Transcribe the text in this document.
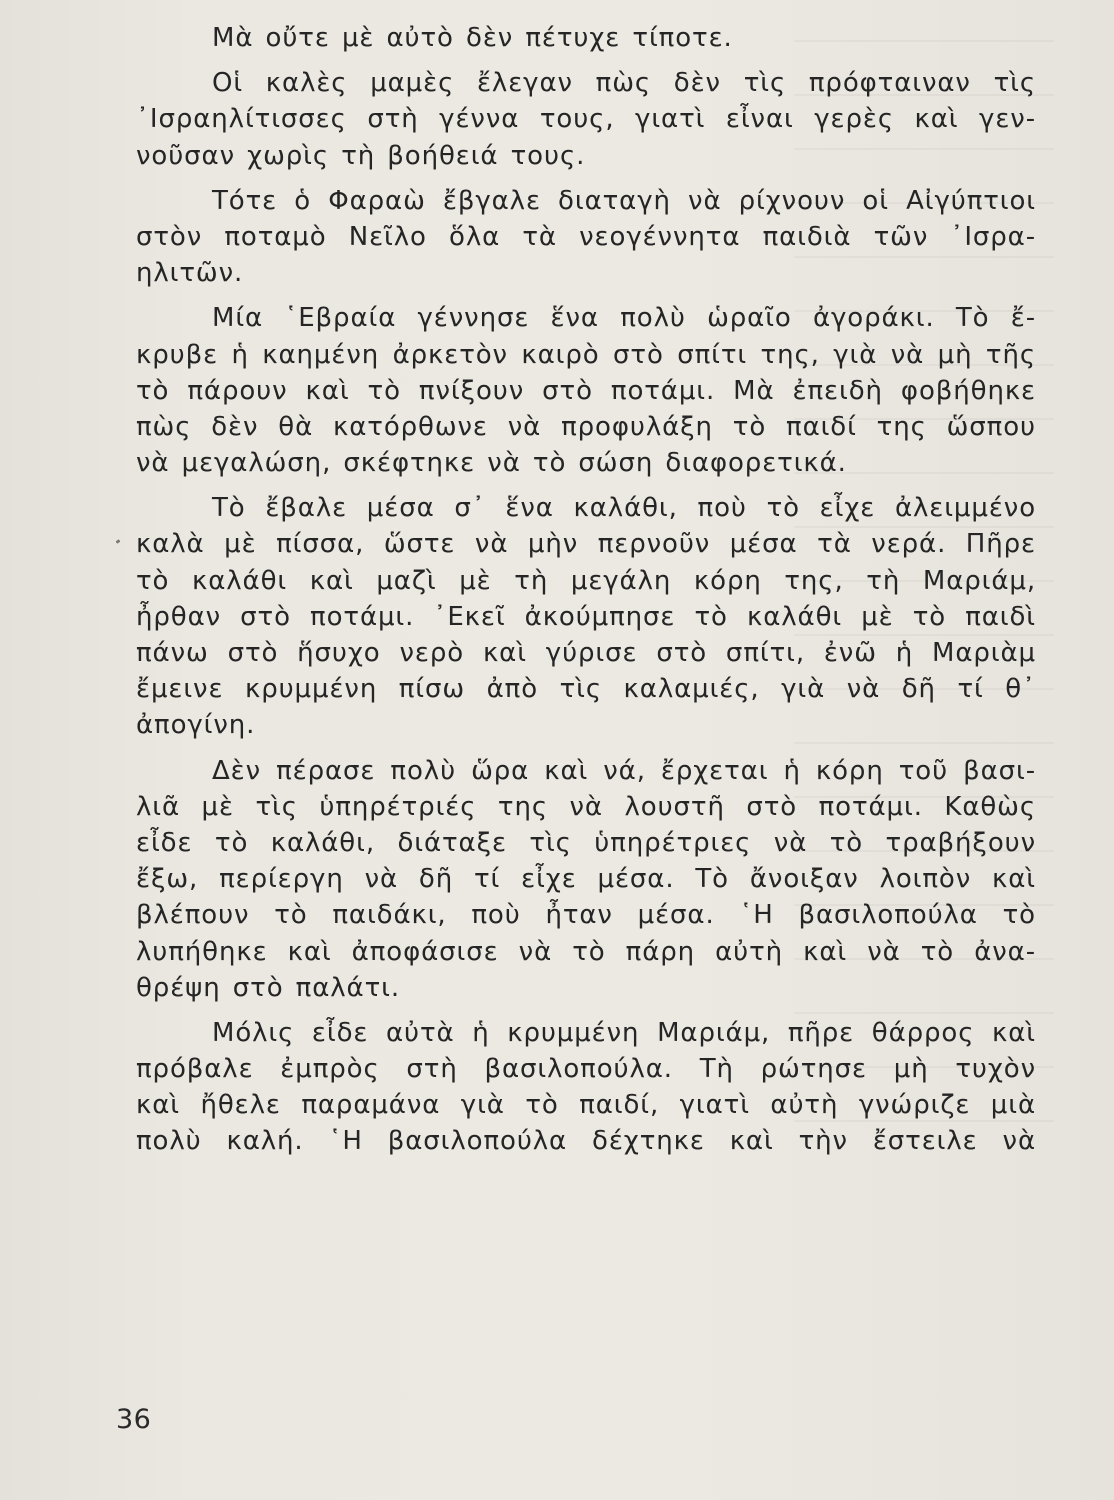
Μὰ οὔτε μὲ αὐτὸ δὲν πέτυχε τίποτε.
Οἱ καλὲς μαμὲς ἔλεγαν πὼς δὲν τὶς πρόφταιναν τὶς
᾿Ισραηλίτισσες στὴ γέννα τους, γιατὶ εἶναι γερὲς καὶ γεν-
νοῦσαν χωρὶς τὴ βοήθειά τους.
Τότε ὁ Φαραὼ ἔβγαλε διαταγὴ νὰ ρίχνουν οἱ Αἰγύπτιοι
στὸν ποταμὸ Νεῖλο ὅλα τὰ νεογέννητα παιδιὰ τῶν ᾿Ισρα-
ηλιτῶν.
Μία ῾Εβραία γέννησε ἕνα πολὺ ὡραῖο ἀγοράκι. Τὸ ἔ-
κρυβε ἡ καημένη ἀρκετὸν καιρὸ στὸ σπίτι της, γιὰ νὰ μὴ τῆς
τὸ πάρουν καὶ τὸ πνίξουν στὸ ποτάμι. Μὰ ἐπειδὴ φοβήθηκε
πὼς δὲν θὰ κατόρθωνε νὰ προφυλάξη τὸ παιδί της ὥσπου
νὰ μεγαλώση, σκέφτηκε νὰ τὸ σώση διαφορετικά.
Τὸ ἔβαλε μέσα σ᾿ ἕνα καλάθι, ποὺ τὸ εἶχε ἀλειμμένο
καλὰ μὲ πίσσα, ὥστε νὰ μὴν περνοῦν μέσα τὰ νερά. Πῆρε
τὸ καλάθι καὶ μαζὶ μὲ τὴ μεγάλη κόρη της, τὴ Μαριάμ,
ἦρθαν στὸ ποτάμι. ᾿Εκεῖ ἀκούμπησε τὸ καλάθι μὲ τὸ παιδὶ
πάνω στὸ ἥσυχο νερὸ καὶ γύρισε στὸ σπίτι, ἐνῶ ἡ Μαριὰμ
ἔμεινε κρυμμένη πίσω ἀπὸ τὶς καλαμιές, γιὰ νὰ δῆ τί θ᾿
ἀπογίνη.
Δὲν πέρασε πολὺ ὥρα καὶ νά, ἔρχεται ἡ κόρη τοῦ βασι-
λιᾶ μὲ τὶς ὑπηρέτριές της νὰ λουστῆ στὸ ποτάμι. Καθὼς
εἶδε τὸ καλάθι, διάταξε τὶς ὑπηρέτριες νὰ τὸ τραβήξουν
ἔξω, περίεργη νὰ δῆ τί εἶχε μέσα. Τὸ ἄνοιξαν λοιπὸν καὶ
βλέπουν τὸ παιδάκι, ποὺ ἦταν μέσα. ῾Η βασιλοπούλα τὸ
λυπήθηκε καὶ ἀποφάσισε νὰ τὸ πάρη αὐτὴ καὶ νὰ τὸ ἀνα-
θρέψη στὸ παλάτι.
Μόλις εἶδε αὐτὰ ἡ κρυμμένη Μαριάμ, πῆρε θάρρος καὶ
πρόβαλε ἐμπρὸς στὴ βασιλοπούλα. Τὴ ρώτησε μὴ τυχὸν
καὶ ἤθελε παραμάνα γιὰ τὸ παιδί, γιατὶ αὐτὴ γνώριζε μιὰ
πολὺ καλή. ῾Η βασιλοπούλα δέχτηκε καὶ τὴν ἔστειλε νὰ
36
